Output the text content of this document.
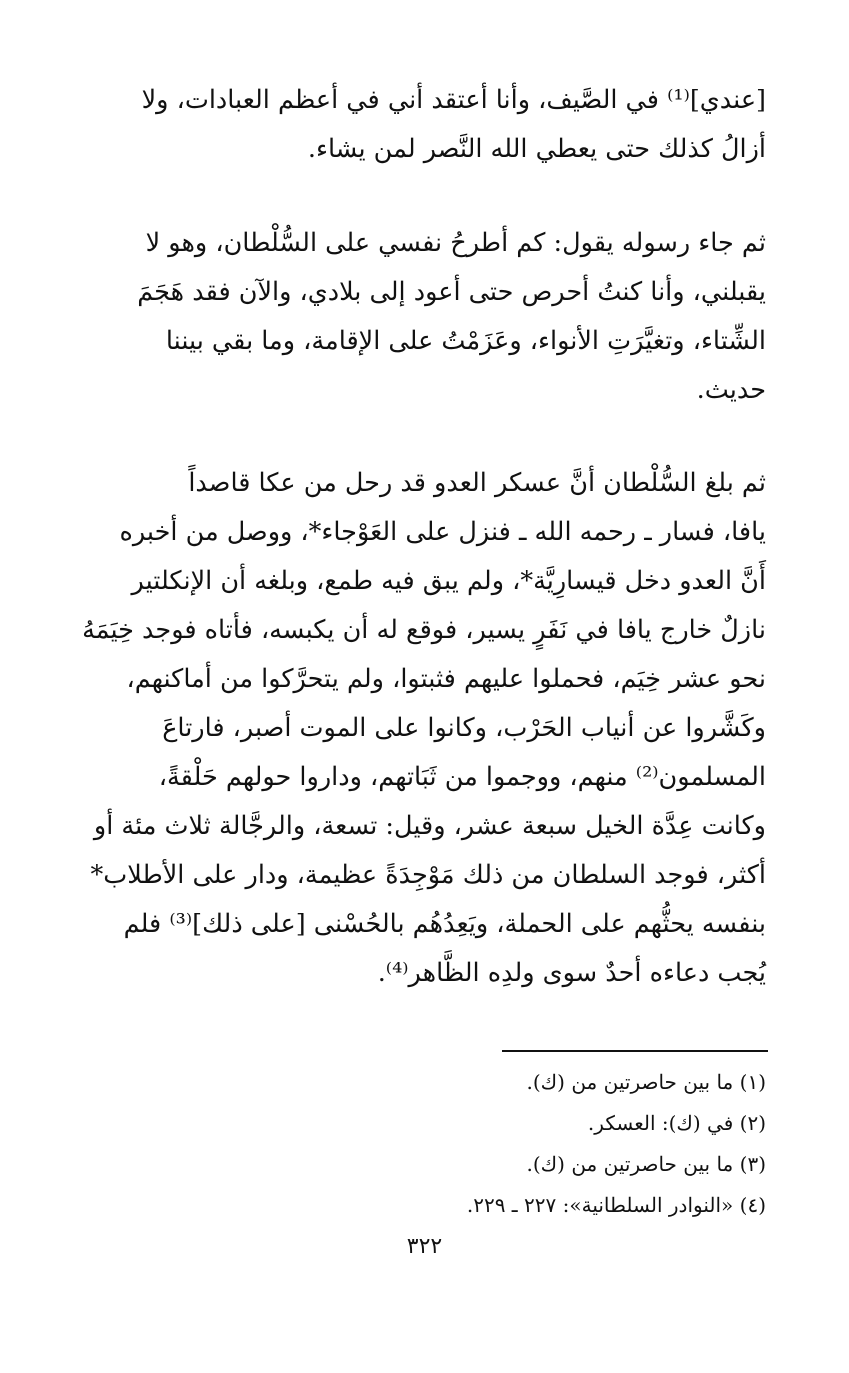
[عندي]⁽¹⁾ في الصَّيف، وأنا أعتقد أني في أعظم العبادات، ولا
أزالُ كذلك حتى يعطي الله النَّصر لمن يشاء.
ثم جاء رسوله يقول: كم أطرحُ نفسي على السُّلْطان، وهو لا
يقبلني، وأنا كنتُ أحرص حتى أعود إلى بلادي، والآن فقد هَجَمَ
الشِّتاء، وتغيَّرَتِ الأنواء، وعَزَمْتُ على الإقامة، وما بقي بيننا
حديث.
ثم بلغ السُّلْطان أنَّ عسكر العدو قد رحل من عكا قاصداً
يافا، فسار ـ رحمه الله ـ فنزل على العَوْجاء*، ووصل من أخبره
أَنَّ العدو دخل قيسارِيَّة*، ولم يبق فيه طمع، وبلغه أن الإنكلتير
نازلٌ خارج يافا في نَفَرٍ يسير، فوقع له أن يكبسه، فأتاه فوجد خِيَمَهُ
نحو عشر خِيَم، فحملوا عليهم فثبتوا، ولم يتحرَّكوا من أماكنهم،
وكَشَّروا عن أنياب الحَرْب، وكانوا على الموت أصبر، فارتاعَ
المسلمون⁽²⁾ منهم، ووجموا من ثَبَاتهم، وداروا حولهم حَلْقةً،
وكانت عِدَّة الخيل سبعة عشر، وقيل: تسعة، والرجَّالة ثلاث مئة أو
أكثر، فوجد السلطان من ذلك مَوْجِدَةً عظيمة، ودار على الأطلاب*
بنفسه يحثُّهم على الحملة، ويَعِدُهُم بالحُسْنى [على ذلك]⁽³⁾ فلم
يُجب دعاءه أحدٌ سوى ولدِه الظَّاهر⁽⁴⁾.
(١) ما بين حاصرتين من (ك).
(٢) في (ك): العسكر.
(٣) ما بين حاصرتين من (ك).
(٤) «النوادر السلطانية»: ٢٢٧ ـ ٢٢٩.
٣٢٢
